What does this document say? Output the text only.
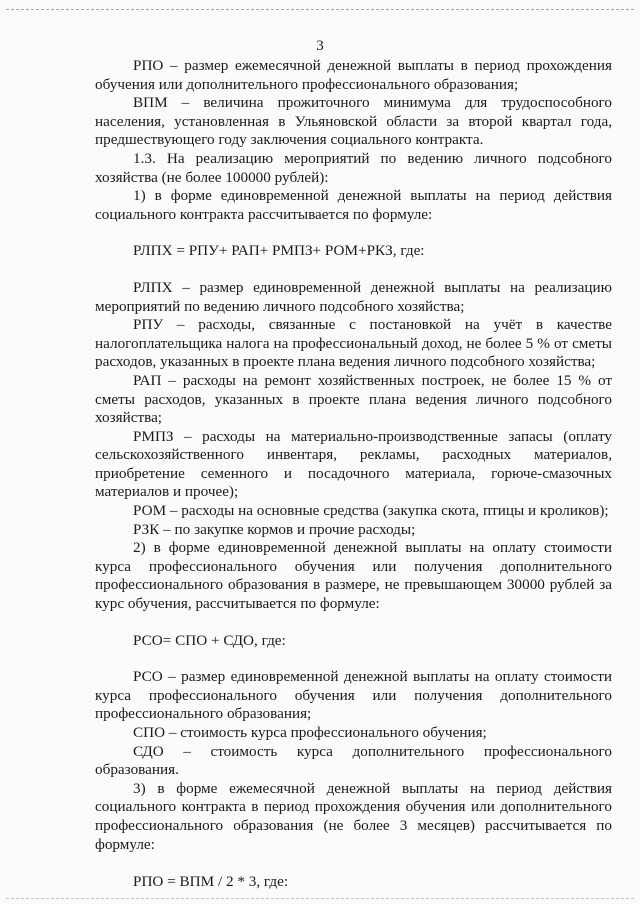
3

РПО – размер ежемесячной денежной выплаты в период прохождения обучения или дополнительного профессионального образования;

ВПМ – величина прожиточного минимума для трудоспособного населения, установленная в Ульяновской области за второй квартал года, предшествующего году заключения социального контракта.

1.3. На реализацию мероприятий по ведению личного подсобного хозяйства (не более 100000 рублей):

1) в форме единовременной денежной выплаты на период действия социального контракта рассчитывается по формуле:

РЛПХ = РПУ+ РАП+ РМПЗ+ РОМ+РКЗ, где:

РЛПХ – размер единовременной денежной выплаты на реализацию мероприятий по ведению личного подсобного хозяйства;

РПУ – расходы, связанные с постановкой на учёт в качестве налогоплательщика налога на профессиональный доход, не более 5 % от сметы расходов, указанных в проекте плана ведения личного подсобного хозяйства;

РАП – расходы на ремонт хозяйственных построек, не более 15 % от сметы расходов, указанных в проекте плана ведения личного подсобного хозяйства;

РМПЗ – расходы на материально-производственные запасы (оплату сельскохозяйственного инвентаря, рекламы, расходных материалов, приобретение семенного и посадочного материала, горюче-смазочных материалов и прочее);

РОМ – расходы на основные средства (закупка скота, птицы и кроликов);

РЗК – по закупке кормов и прочие расходы;

2) в форме единовременной денежной выплаты на оплату стоимости курса профессионального обучения или получения дополнительного профессионального образования в размере, не превышающем 30000 рублей за курс обучения, рассчитывается по формуле:

РСО= СПО + СДО, где:

РСО – размер единовременной денежной выплаты на оплату стоимости курса профессионального обучения или получения дополнительного профессионального образования;

СПО – стоимость курса профессионального обучения;

СДО – стоимость курса дополнительного профессионального образования.

3) в форме ежемесячной денежной выплаты на период действия социального контракта в период прохождения обучения или дополнительного профессионального образования (не более 3 месяцев) рассчитывается по формуле:

РПО = ВПМ / 2 * 3, где:
